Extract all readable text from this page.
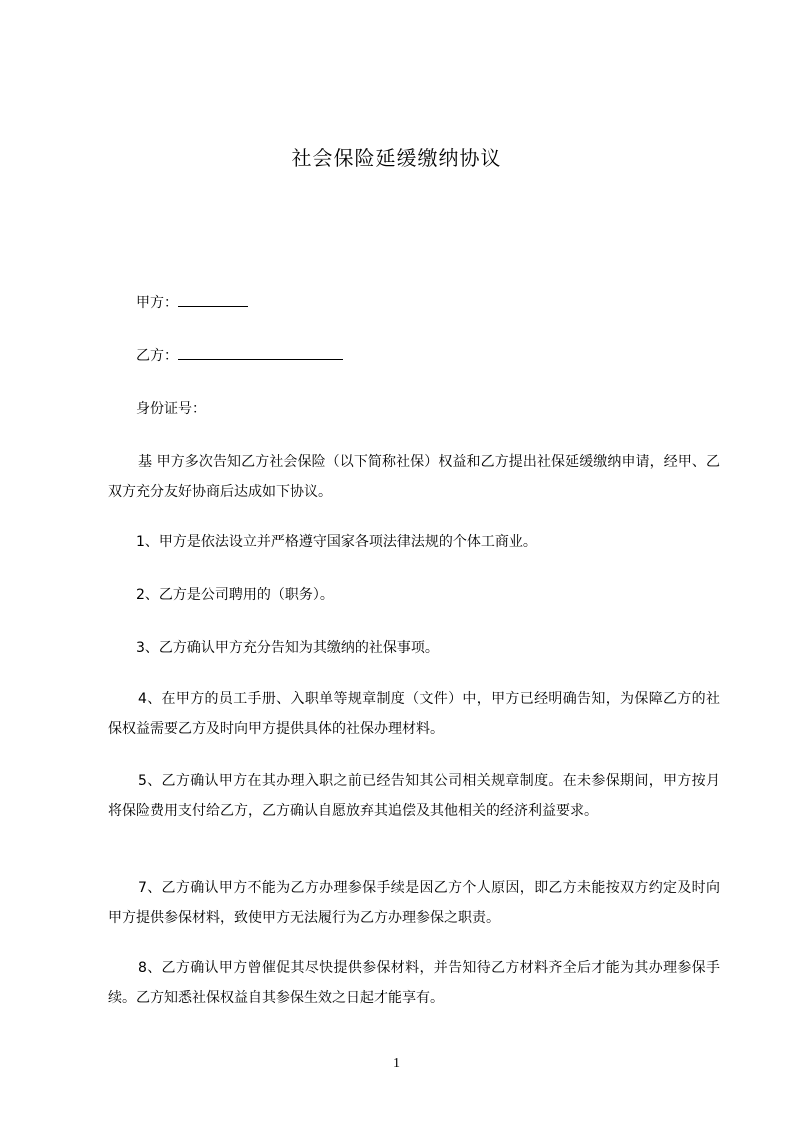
社会保险延缓缴纳协议
甲方：
乙方：
身份证号：

基 甲方多次告知乙方社会保险（以下简称社保）权益和乙方提出社保延缓缴纳申请，经甲、乙双方充分友好协商后达成如下协议。

1、甲方是依法设立并严格遵守国家各项法律法规的个体工商业。

2、乙方是公司聘用的（职务）。

3、乙方确认甲方充分告知为其缴纳的社保事项。

4、在甲方的员工手册、入职单等规章制度（文件）中，甲方已经明确告知，为保障乙方的社保权益需要乙方及时向甲方提供具体的社保办理材料。

5、乙方确认甲方在其办理入职之前已经告知其公司相关规章制度。在未参保期间，甲方按月将保险费用支付给乙方，乙方确认自愿放弃其追偿及其他相关的经济利益要求。

7、乙方确认甲方不能为乙方办理参保手续是因乙方个人原因，即乙方未能按双方约定及时向甲方提供参保材料，致使甲方无法履行为乙方办理参保之职责。

8、乙方确认甲方曾催促其尽快提供参保材料，并告知待乙方材料齐全后才能为其办理参保手续。乙方知悉社保权益自其参保生效之日起才能享有。

1
